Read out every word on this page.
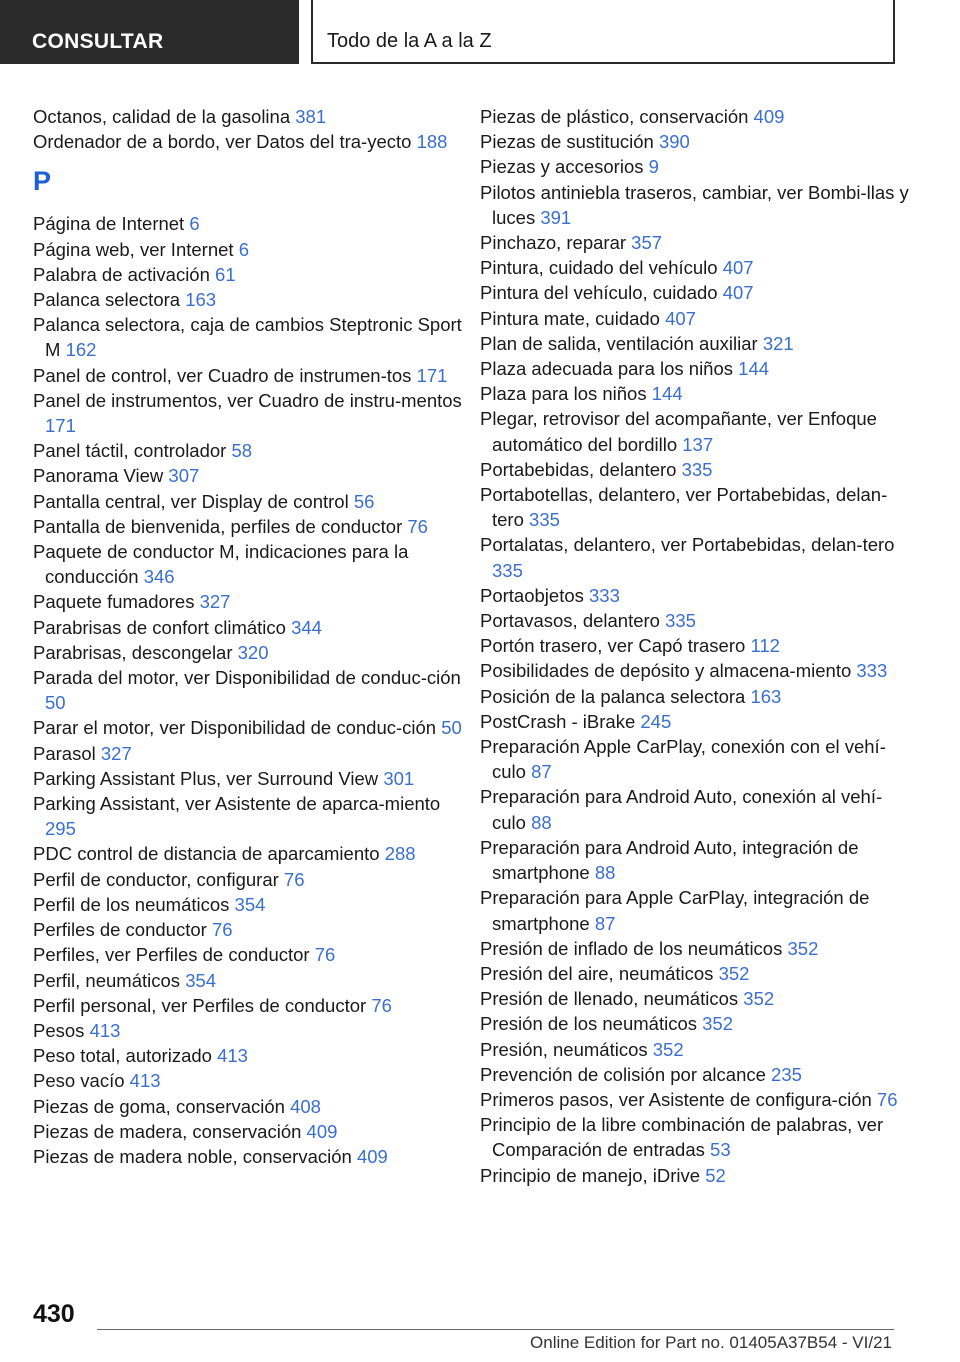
CONSULTAR	Todo de la A a la Z
Octanos, calidad de la gasolina 381
Ordenador de a bordo, ver Datos del tra-yecto 188
P
Página de Internet 6
Página web, ver Internet 6
Palabra de activación 61
Palanca selectora 163
Palanca selectora, caja de cambios Steptronic Sport M 162
Panel de control, ver Cuadro de instrumen-tos 171
Panel de instrumentos, ver Cuadro de instru-mentos 171
Panel táctil, controlador 58
Panorama View 307
Pantalla central, ver Display de control 56
Pantalla de bienvenida, perfiles de conductor 76
Paquete de conductor M, indicaciones para la conducción 346
Paquete fumadores 327
Parabrisas de confort climático 344
Parabrisas, descongelar 320
Parada del motor, ver Disponibilidad de conduc-ción 50
Parar el motor, ver Disponibilidad de conduc-ción 50
Parasol 327
Parking Assistant Plus, ver Surround View 301
Parking Assistant, ver Asistente de aparca-miento 295
PDC control de distancia de aparcamiento 288
Perfil de conductor, configurar 76
Perfil de los neumáticos 354
Perfiles de conductor 76
Perfiles, ver Perfiles de conductor 76
Perfil, neumáticos 354
Perfil personal, ver Perfiles de conductor 76
Pesos 413
Peso total, autorizado 413
Peso vacío 413
Piezas de goma, conservación 408
Piezas de madera, conservación 409
Piezas de madera noble, conservación 409
Piezas de plástico, conservación 409
Piezas de sustitución 390
Piezas y accesorios 9
Pilotos antiniebla traseros, cambiar, ver Bombi-llas y luces 391
Pinchazo, reparar 357
Pintura, cuidado del vehículo 407
Pintura del vehículo, cuidado 407
Pintura mate, cuidado 407
Plan de salida, ventilación auxiliar 321
Plaza adecuada para los niños 144
Plaza para los niños 144
Plegar, retrovisor del acompañante, ver Enfoque automático del bordillo 137
Portabebidas, delantero 335
Portabotellas, delantero, ver Portabebidas, delan-tero 335
Portalatas, delantero, ver Portabebidas, delan-tero 335
Portaobjetos 333
Portavasos, delantero 335
Portón trasero, ver Capó trasero 112
Posibilidades de depósito y almacena-miento 333
Posición de la palanca selectora 163
PostCrash - iBrake 245
Preparación Apple CarPlay, conexión con el vehí-culo 87
Preparación para Android Auto, conexión al vehí-culo 88
Preparación para Android Auto, integración de smartphone 88
Preparación para Apple CarPlay, integración de smartphone 87
Presión de inflado de los neumáticos 352
Presión del aire, neumáticos 352
Presión de llenado, neumáticos 352
Presión de los neumáticos 352
Presión, neumáticos 352
Prevención de colisión por alcance 235
Primeros pasos, ver Asistente de configura-ción 76
Principio de la libre combinación de palabras, ver Comparación de entradas 53
Principio de manejo, iDrive 52
430
Online Edition for Part no. 01405A37B54 - VI/21
